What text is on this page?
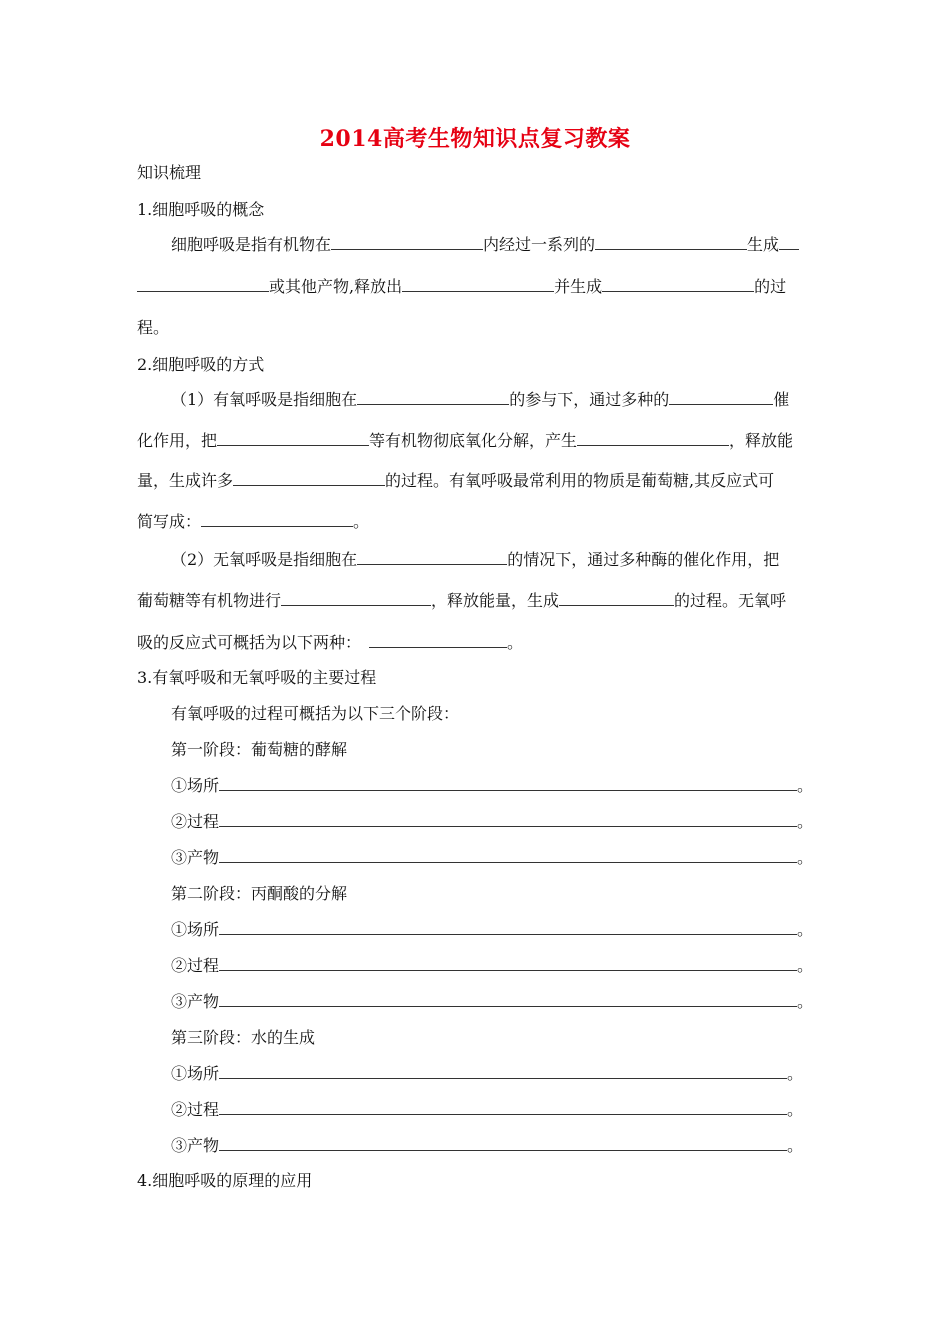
2014高考生物知识点复习教案
知识梳理
1.细胞呼吸的概念
细胞呼吸是指有机物在	内经过一系列的	生成
或其他产物,释放出	并生成	的过
程。
2.细胞呼吸的方式
（1）有氧呼吸是指细胞在	的参与下，通过多种的	催
化作用，把	等有机物彻底氧化分解，产生	，释放能
量，生成许多	的过程。有氧呼吸最常利用的物质是葡萄糖,其反应式可
简写成：	。
（2）无氧呼吸是指细胞在	的情况下，通过多种酶的催化作用，把
葡萄糖等有机物进行	，释放能量，生成	的过程。无氧呼
吸的反应式可概括为以下两种：	。
3.有氧呼吸和无氧呼吸的主要过程
有氧呼吸的过程可概括为以下三个阶段：
第一阶段：葡萄糖的酵解
①场所	。
②过程	。
③产物	。
第二阶段：丙酮酸的分解
①场所	。
②过程	。
③产物	。
第三阶段：水的生成
①场所	。
②过程	。
③产物	。
4.细胞呼吸的原理的应用
